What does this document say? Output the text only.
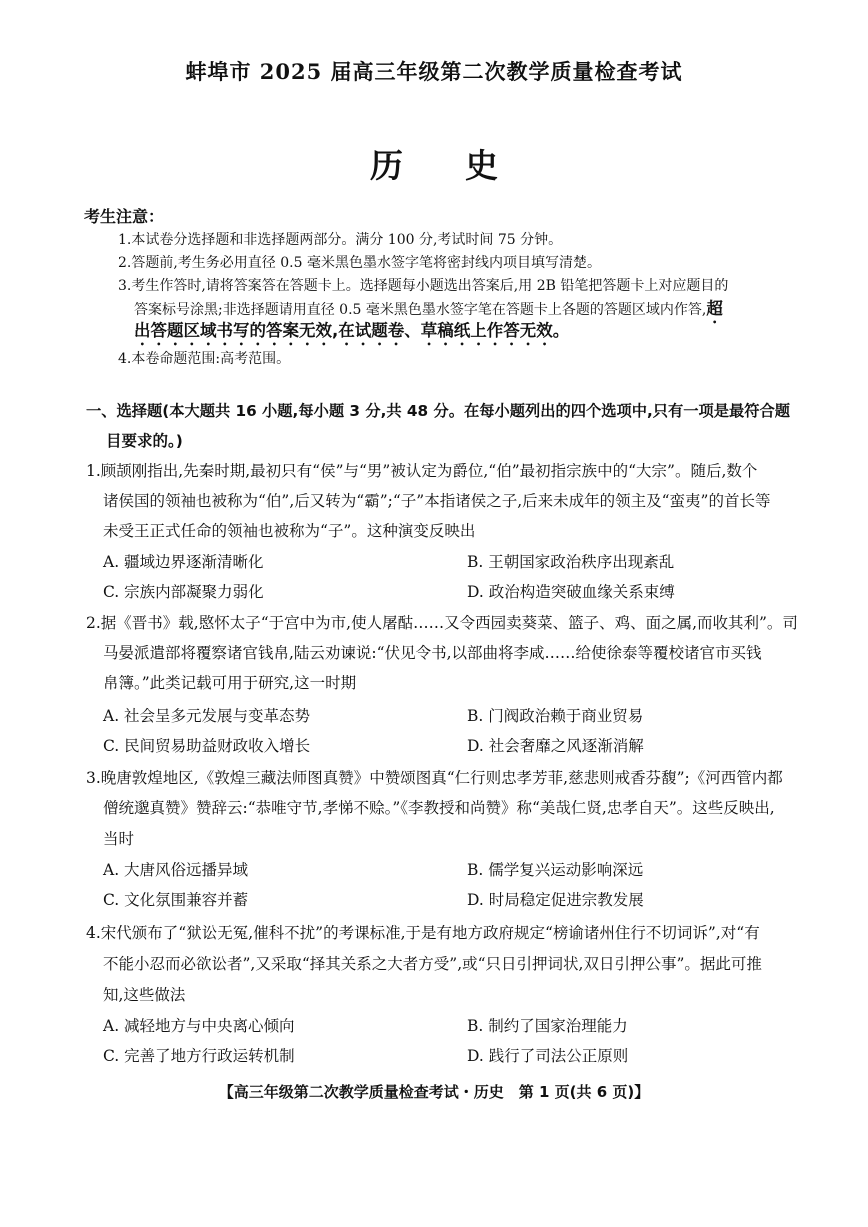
蚌埠市 2025 届高三年级第二次教学质量检查考试
历史
考生注意：
1.本试卷分选择题和非选择题两部分。满分 100 分,考试时间 75 分钟。
2.答题前,考生务必用直径 0.5 毫米黑色墨水签字笔将密封线内项目填写清楚。
3.考生作答时,请将答案答在答题卡上。选择题每小题选出答案后,用 2B 铅笔把答题卡上对应题目的
答案标号涂黑;非选择题请用直径 0.5 毫米黑色墨水签字笔在答题卡上各题的答题区域内作答,超
出答题区域书写的答案无效,在试题卷、草稿纸上作答无效。
4.本卷命题范围:高考范围。
一、选择题(本大题共 16 小题,每小题 3 分,共 48 分。在每小题列出的四个选项中,只有一项是最符合题
目要求的。)
1.顾颉刚指出,先秦时期,最初只有“侯”与“男”被认定为爵位,“伯”最初指宗族中的“大宗”。随后,数个
诸侯国的领袖也被称为“伯”,后又转为“霸”;“子”本指诸侯之子,后来未成年的领主及“蛮夷”的首长等
未受王正式任命的领袖也被称为“子”。这种演变反映出
A. 疆域边界逐渐清晰化	B. 王朝国家政治秩序出现紊乱
C. 宗族内部凝聚力弱化	D. 政治构造突破血缘关系束缚
2.据《晋书》载,愍怀太子“于宫中为市,使人屠酤……又令西园卖葵菜、篮子、鸡、面之属,而收其利”。司
马晏派遣部将覆察诸官钱帛,陆云劝谏说:“伏见令书,以部曲将李咸……给使徐泰等覆校诸官市买钱
帛簿。”此类记载可用于研究,这一时期
A. 社会呈多元发展与变革态势	B. 门阀政治赖于商业贸易
C. 民间贸易助益财政收入增长	D. 社会奢靡之风逐渐消解
3.晚唐敦煌地区,《敦煌三藏法师图真赞》中赞颂图真“仁行则忠孝芳菲,慈悲则戒香芬馥”;《河西管内都
僧统邈真赞》赞辞云:“恭唯守节,孝悌不赊。”《李教授和尚赞》称“美哉仁贤,忠孝自天”。这些反映出,
当时
A. 大唐风俗远播异域	B. 儒学复兴运动影响深远
C. 文化氛围兼容并蓄	D. 时局稳定促进宗教发展
4.宋代颁布了“狱讼无冤,催科不扰”的考课标准,于是有地方政府规定“榜谕诸州住行不切词诉”,对“有
不能小忍而必欲讼者”,又采取“择其关系之大者方受”,或“只日引押词状,双日引押公事”。据此可推
知,这些做法
A. 减轻地方与中央离心倾向	B. 制约了国家治理能力
C. 完善了地方行政运转机制	D. 践行了司法公正原则
【高三年级第二次教学质量检查考试・历史　第 1 页(共 6 页)】
